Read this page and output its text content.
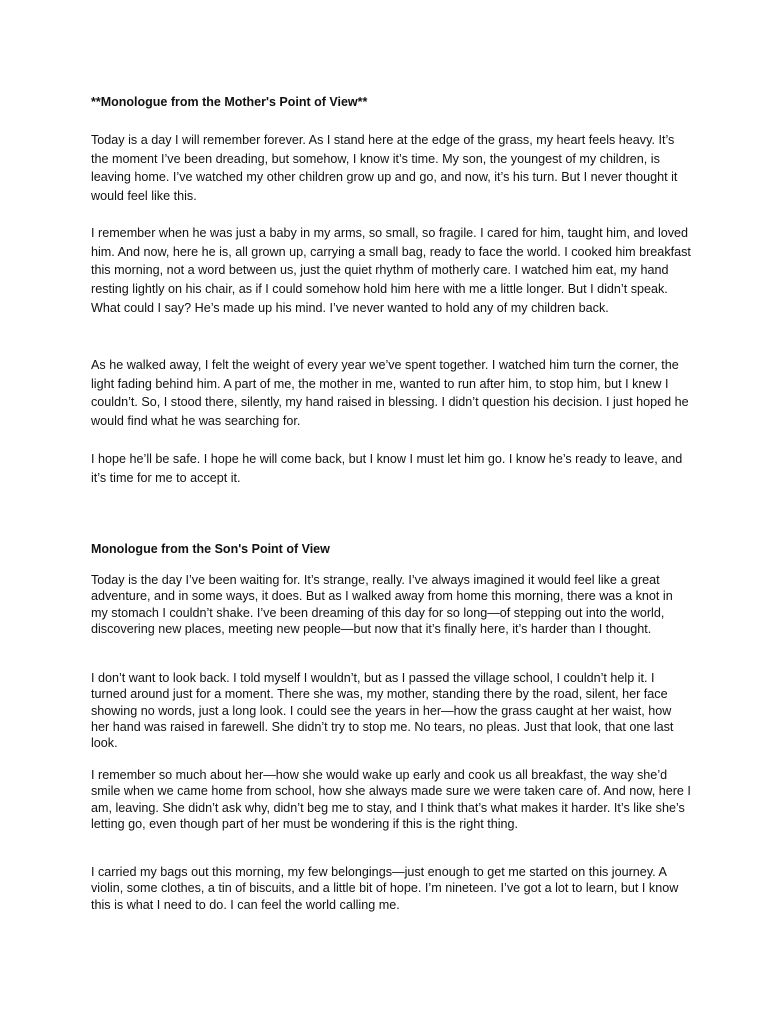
**Monologue from the Mother's Point of View**

Today is a day I will remember forever. As I stand here at the edge of the grass, my heart feels heavy. It’s the moment I’ve been dreading, but somehow, I know it’s time. My son, the youngest of my children, is leaving home. I’ve watched my other children grow up and go, and now, it’s his turn. But I never thought it would feel like this.

I remember when he was just a baby in my arms, so small, so fragile. I cared for him, taught him, and loved him. And now, here he is, all grown up, carrying a small bag, ready to face the world. I cooked him breakfast this morning, not a word between us, just the quiet rhythm of motherly care. I watched him eat, my hand resting lightly on his chair, as if I could somehow hold him here with me a little longer. But I didn’t speak. What could I say? He’s made up his mind. I’ve never wanted to hold any of my children back.

As he walked away, I felt the weight of every year we’ve spent together. I watched him turn the corner, the light fading behind him. A part of me, the mother in me, wanted to run after him, to stop him, but I knew I couldn’t. So, I stood there, silently, my hand raised in blessing. I didn’t question his decision. I just hoped he would find what he was searching for.

I hope he’ll be safe. I hope he will come back, but I know I must let him go. I know he’s ready to leave, and it’s time for me to accept it.

Monologue from the Son's Point of View

Today is the day I’ve been waiting for. It’s strange, really. I’ve always imagined it would feel like a great adventure, and in some ways, it does. But as I walked away from home this morning, there was a knot in my stomach I couldn’t shake. I’ve been dreaming of this day for so long—of stepping out into the world, discovering new places, meeting new people—but now that it’s finally here, it’s harder than I thought.

I don’t want to look back. I told myself I wouldn’t, but as I passed the village school, I couldn’t help it. I turned around just for a moment. There she was, my mother, standing there by the road, silent, her face showing no words, just a long look. I could see the years in her—how the grass caught at her waist, how her hand was raised in farewell. She didn’t try to stop me. No tears, no pleas. Just that look, that one last look.

I remember so much about her—how she would wake up early and cook us all breakfast, the way she’d smile when we came home from school, how she always made sure we were taken care of. And now, here I am, leaving. She didn’t ask why, didn’t beg me to stay, and I think that’s what makes it harder. It’s like she’s letting go, even though part of her must be wondering if this is the right thing.

I carried my bags out this morning, my few belongings—just enough to get me started on this journey. A violin, some clothes, a tin of biscuits, and a little bit of hope. I’m nineteen. I’ve got a lot to learn, but I know this is what I need to do. I can feel the world calling me.
